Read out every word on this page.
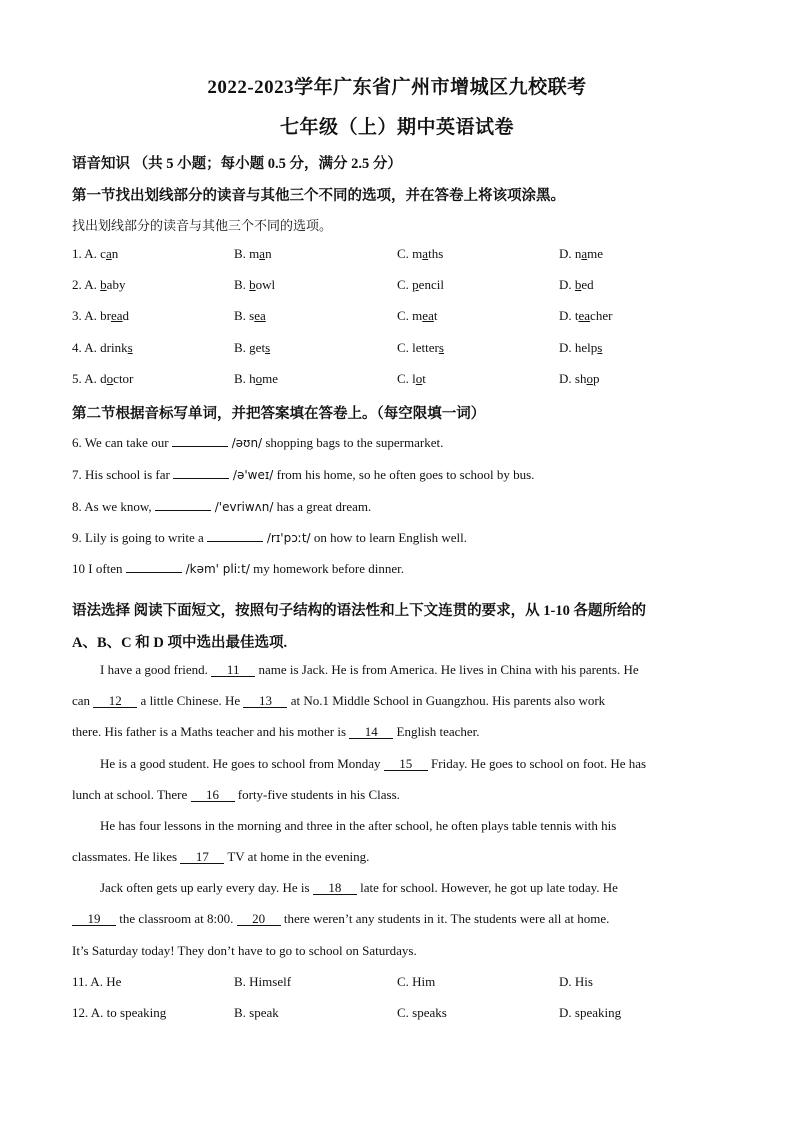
2022-2023学年广东省广州市增城区九校联考
七年级（上）期中英语试卷
语音知识 （共 5 小题；每小题 0.5 分，满分 2.5 分）
第一节找出划线部分的读音与其他三个不同的选项，并在答卷上将该项涂黑。
找出划线部分的读音与其他三个不同的选项。
1. A. can	B. man	C. maths	D. name
2. A. baby	B. bowl	C. pencil	D. bed
3. A. bread	B. sea	C. meat	D. teacher
4. A. drinks	B. gets	C. letters	D. helps
5. A. doctor	B. home	C. lot	D. shop
第二节根据音标写单词，并把答案填在答卷上。（每空限填一词）
6. We can take our	/əʊn/ shopping bags to the supermarket.
7. His school is far	/ə'weɪ/ from his home, so he often goes to school by bus.
8. As we know,	/'evriwʌn/ has a great dream.
9. Lily is going to write a	/rɪ'pɔːt/ on how to learn English well.
10 I often	/kəm' pliːt/ my homework before dinner.
语法选择 阅读下面短文，按照句子结构的语法性和上下文连贯的要求，从 1-10 各题所给的
A、B、C 和 D 项中选出最佳选项.
I have a good friend. 11 name is Jack. He is from America. He lives in China with his parents. He
can 12 a little Chinese. He 13 at No.1 Middle School in Guangzhou. His parents also work
there. His father is a Maths teacher and his mother is 14 English teacher.
He is a good student. He goes to school from Monday 15 Friday. He goes to school on foot. He has
lunch at school. There 16 forty-five students in his Class.
He has four lessons in the morning and three in the after school, he often plays table tennis with his
classmates. He likes 17 TV at home in the evening.
Jack often gets up early every day. He is 18 late for school. However, he got up late today. He
19 the classroom at 8:00. 20 there weren’t any students in it. The students were all at home.
It’s Saturday today! They don’t have to go to school on Saturdays.
11. A. He	B. Himself	C. Him	D. His
12. A. to speaking	B. speak	C. speaks	D. speaking
